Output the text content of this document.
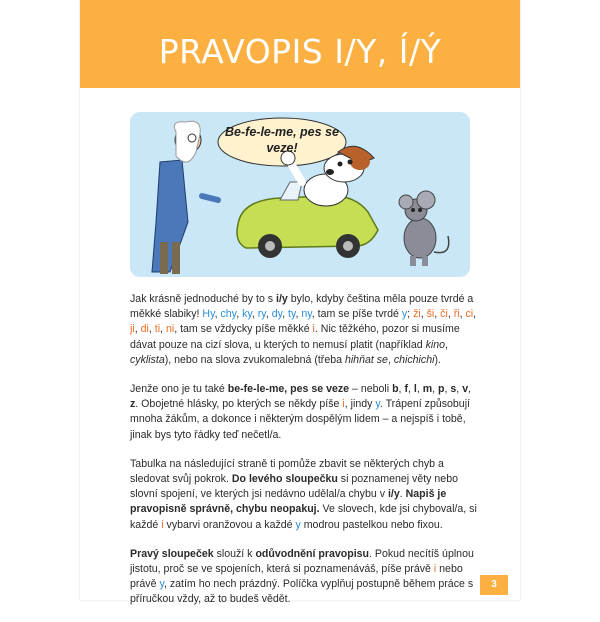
PRAVOPIS I/Y, Í/Ý
Be-fe-le-me, pes se veze!

Jak krásně jednoduché by to s i/y bylo, kdyby čeština měla pouze tvrdé a měkké slabiky! Hy, chy, ky, ry, dy, ty, ny, tam se píše tvrdé y; ži, ši, či, ři, ci, ji, di, ti, ni, tam se vždycky píše měkké i. Nic těžkého, pozor si musíme dávat pouze na cizí slova, u kterých to nemusí platit (například kino, cyklista), nebo na slova zvukomalebná (třeba hihňat se, chichichi).

Jenže ono je tu také be-fe-le-me, pes se veze – neboli b, f, l, m, p, s, v, z. Obojetné hlásky, po kterých se někdy píše i, jindy y. Trápení způsobují mnoha žákům, a dokonce i některým dospělým lidem – a nejspíš i tobě, jinak bys tyto řádky teď nečetl/a.

Tabulka na následující straně ti pomůže zbavit se některých chyb a sledovat svůj pokrok. Do levého sloupečku si poznamenej věty nebo slovní spojení, ve kterých jsi nedávno udělal/a chybu v i/y. Napiš je pravopisně správně, chybu neopakuj. Ve slovech, kde jsi chyboval/a, si každé i vybarvi oranžovou a každé y modrou pastelkou nebo fixou.

Pravý sloupeček slouží k odůvodnění pravopisu. Pokud necítíš úplnou jistotu, proč se ve spojeních, která si poznamenáváš, píše právě i nebo právě y, zatím ho nech prázdný. Políčka vyplňuj postupně během práce s příručkou vždy, až to budeš vědět.

3
